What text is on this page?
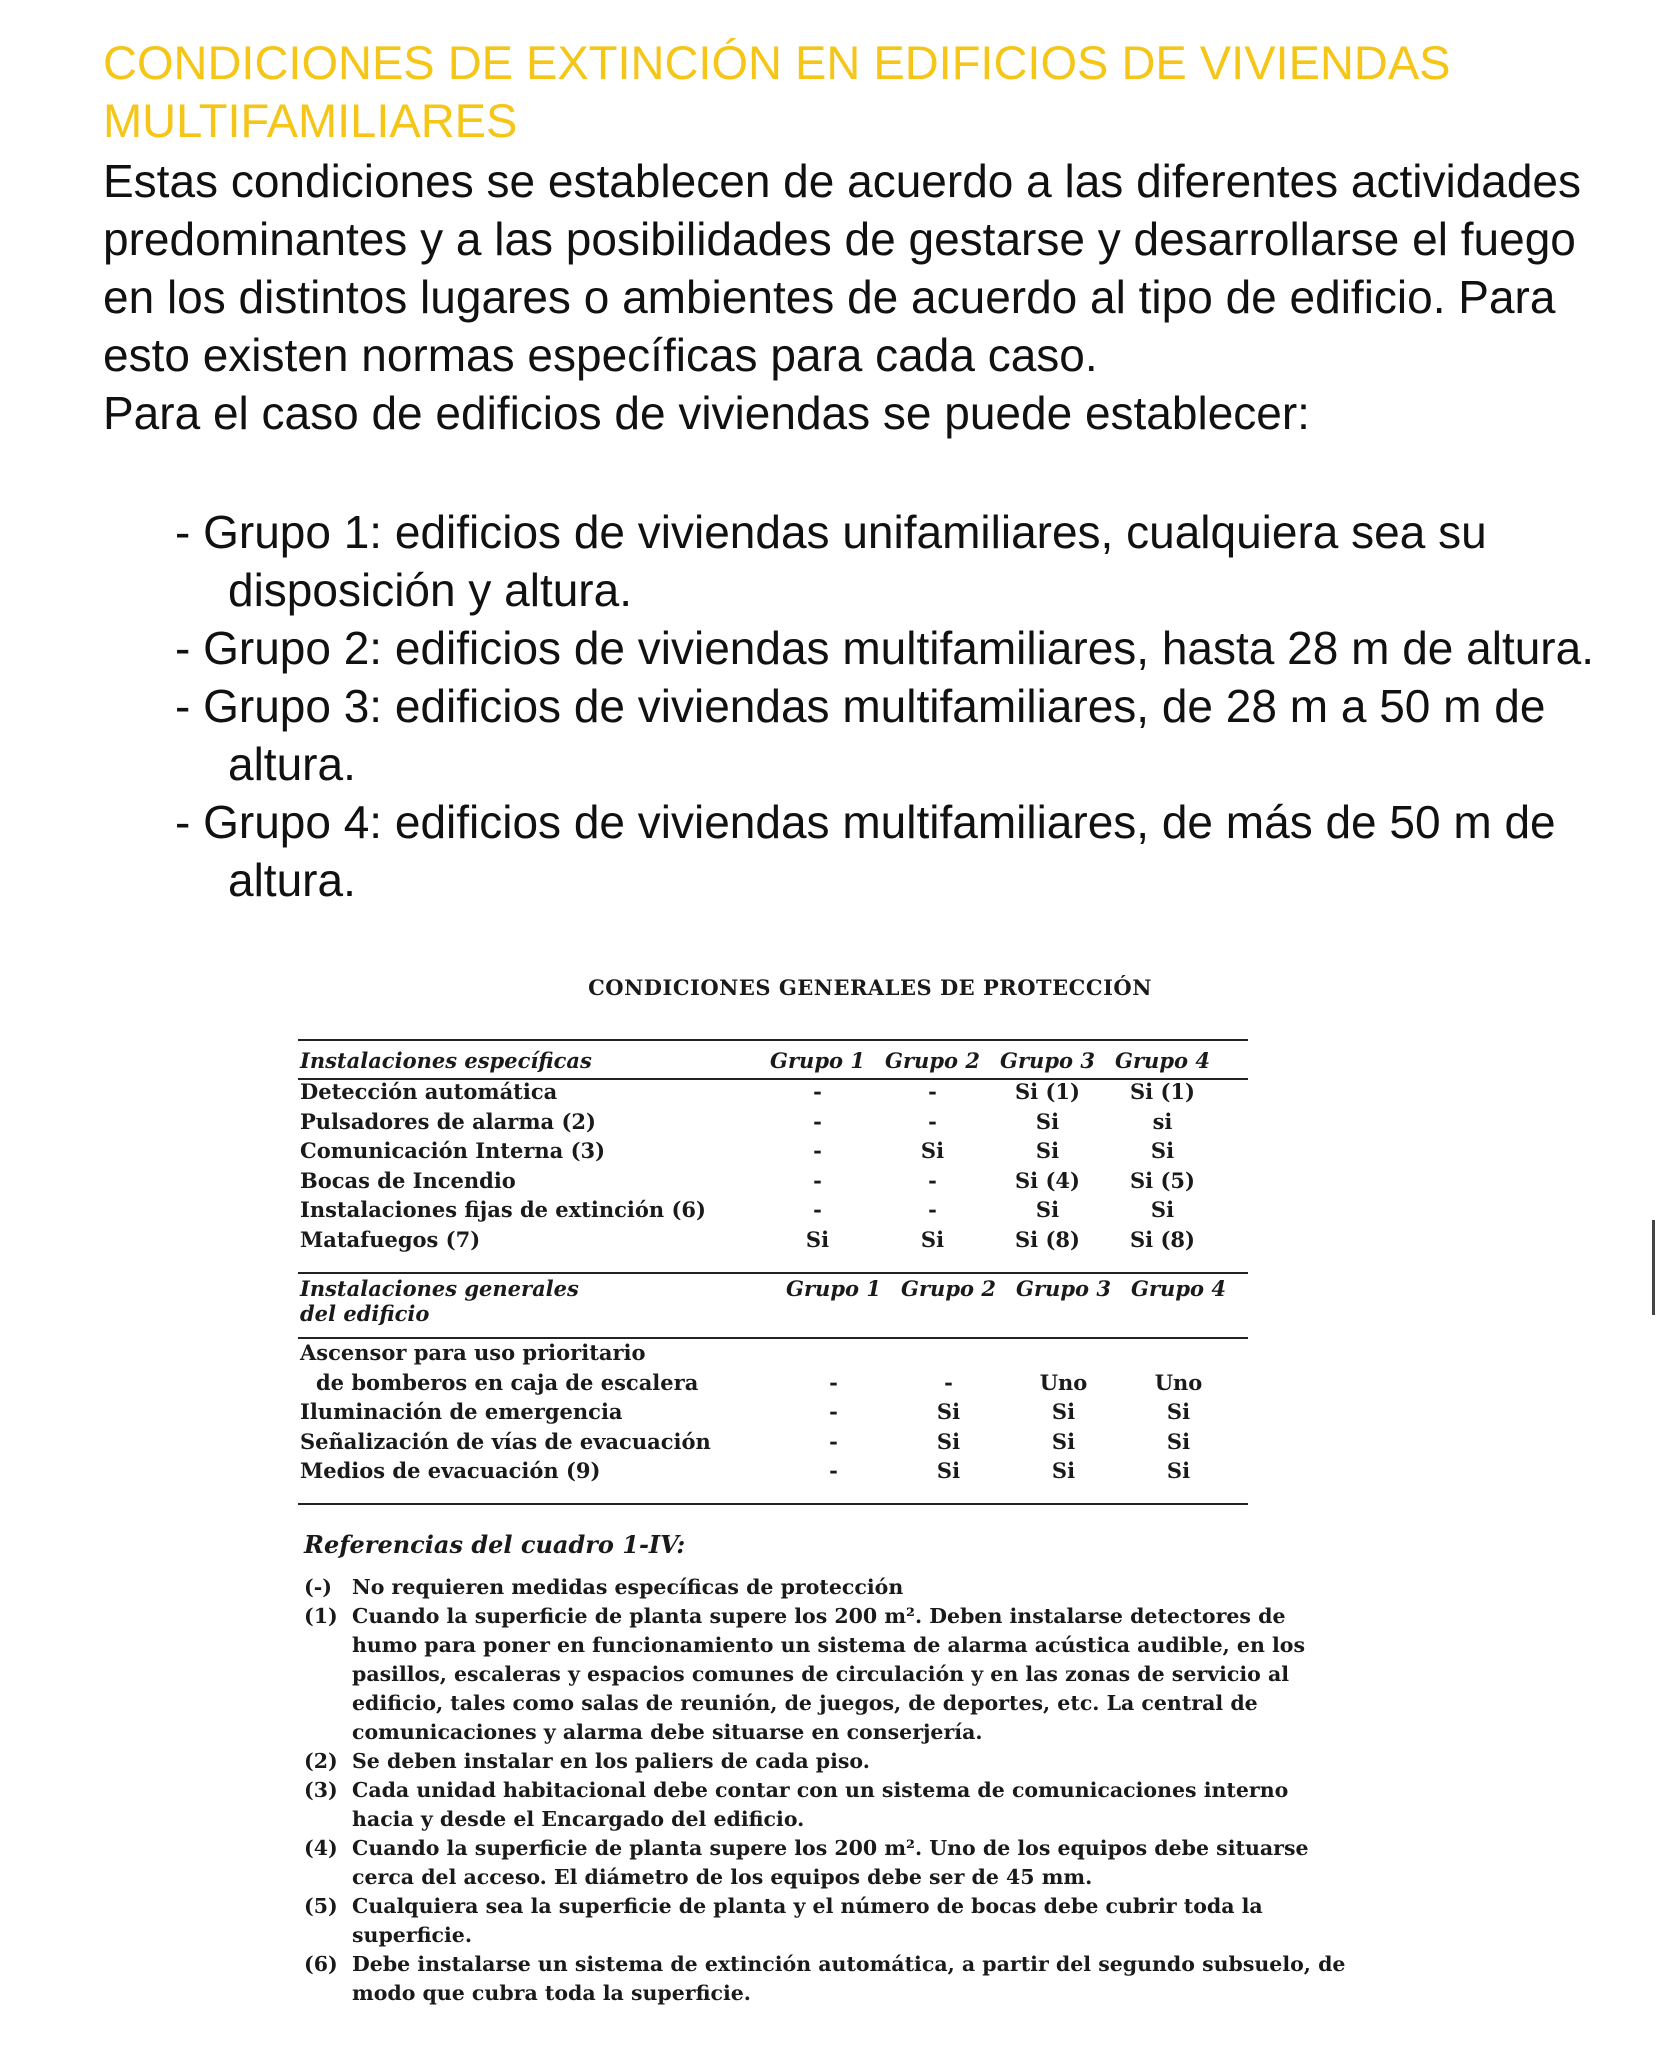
CONDICIONES DE EXTINCIÓN EN EDIFICIOS DE VIVIENDAS MULTIFAMILIARES

Estas condiciones se establecen de acuerdo a las diferentes actividades predominantes y a las posibilidades de gestarse y desarrollarse el fuego en los distintos lugares o ambientes de acuerdo al tipo de edificio. Para esto existen normas específicas para cada caso.

Para el caso de edificios de viviendas se puede establecer:

- Grupo 1: edificios de viviendas unifamiliares, cualquiera sea su disposición y altura.
- Grupo 2: edificios de viviendas multifamiliares, hasta 28 m de altura.
- Grupo 3: edificios de viviendas multifamiliares, de 28 m a 50 m de altura.
- Grupo 4: edificios de viviendas multifamiliares, de más de 50 m de altura.
CONDICIONES GENERALES DE PROTECCIÓN
Instalaciones específicas	Grupo 1	Grupo 2	Grupo 3	Grupo 4
Detección automática	-	-	Si (1)	Si (1)
Pulsadores de alarma (2)	-	-	Si	si
Comunicación Interna (3)	-	Si	Si	Si
Bocas de Incendio	-	-	Si (4)	Si (5)
Instalaciones fijas de extinción (6)	-	-	Si	Si
Matafuegos (7)	Si	Si	Si (8)	Si (8)
Instalaciones generales
del edificio	Grupo 1	Grupo 2	Grupo 3	Grupo 4
Ascensor para uso prioritario				
de bomberos en caja de escalera	-	-	Uno	Uno
Iluminación de emergencia	-	Si	Si	Si
Señalización de vías de evacuación	-	Si	Si	Si
Medios de evacuación (9)	-	Si	Si	Si
Referencias del cuadro 1-IV:
(-) No requieren medidas específicas de protección
(1) Cuando la superficie de planta supere los 200 m². Deben instalarse detectores de humo para poner en funcionamiento un sistema de alarma acústica audible, en los pasillos, escaleras y espacios comunes de circulación y en las zonas de servicio al edificio, tales como salas de reunión, de juegos, de deportes, etc. La central de comunicaciones y alarma debe situarse en conserjería.
(2) Se deben instalar en los paliers de cada piso.
(3) Cada unidad habitacional debe contar con un sistema de comunicaciones interno hacia y desde el Encargado del edificio.
(4) Cuando la superficie de planta supere los 200 m². Uno de los equipos debe situarse cerca del acceso. El diámetro de los equipos debe ser de 45 mm.
(5) Cualquiera sea la superficie de planta y el número de bocas debe cubrir toda la superficie.
(6) Debe instalarse un sistema de extinción automática, a partir del segundo subsuelo, de modo que cubra toda la superficie.
